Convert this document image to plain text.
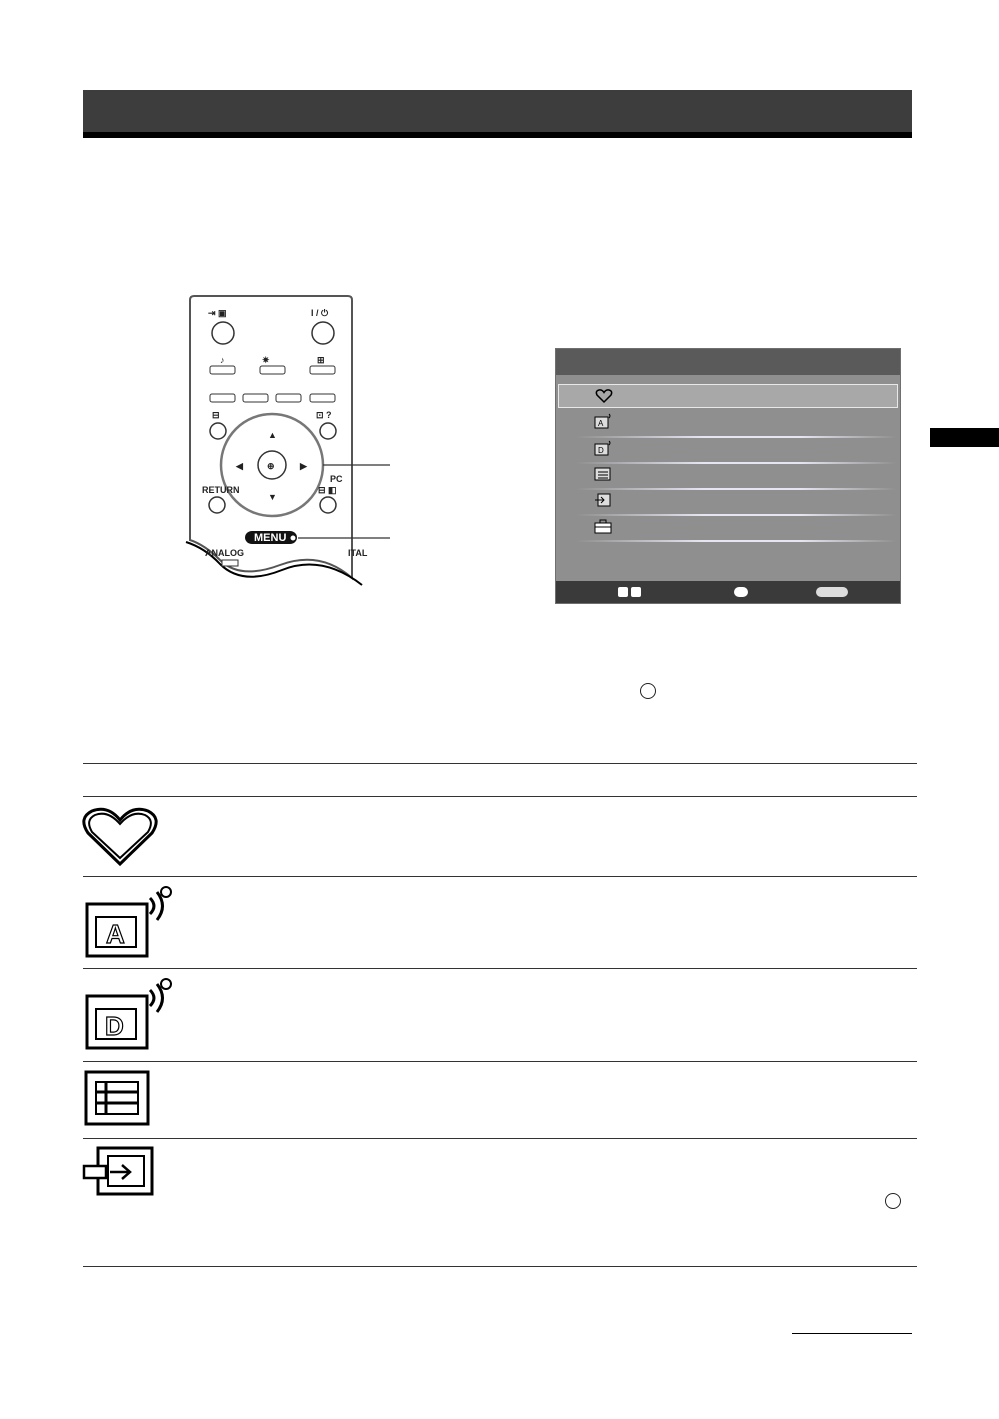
⇥ ▣	I / ⏻
♪	✷	⊞
⊟	⊡ ?
⊕
▲
▼
◀	▶
RETURN
PC
⊟ ◧
MENU
ANALOG	ITAL
A
D
A
D
